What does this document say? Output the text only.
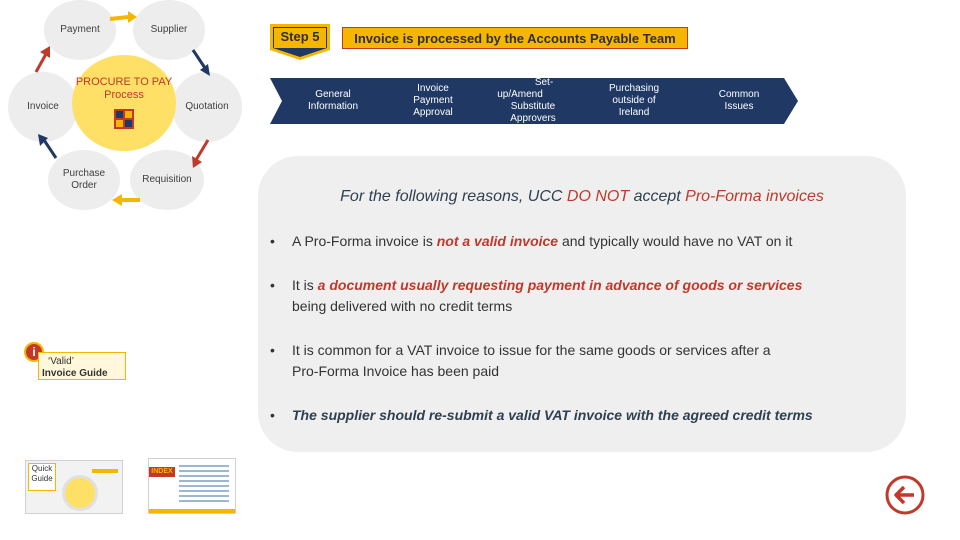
Payment	Supplier
Invoice	Quotation
Purchase
Order
Requisition
PROCURE TO PAY
Process
Step 5	Invoice is processed by the Accounts Payable Team
General
Information
Invoice
Payment
Approval
Set-up/Amend
Substitute
Approvers
Purchasing
outside of
Ireland
Common
Issues
For the following reasons, UCC DO NOT accept Pro-Forma invoices
•	A Pro-Forma invoice is not a valid invoice and typically would have no VAT on it
•	It is a document usually requesting payment in advance of goods or services
being delivered with no credit terms
•	It is common for a VAT invoice to issue for the same goods or services after a
Pro-Forma Invoice has been paid
•	The supplier should re-submit a valid VAT invoice with the agreed credit terms
i
‘Valid’
Invoice Guide
Quick
Guide
INDEX
